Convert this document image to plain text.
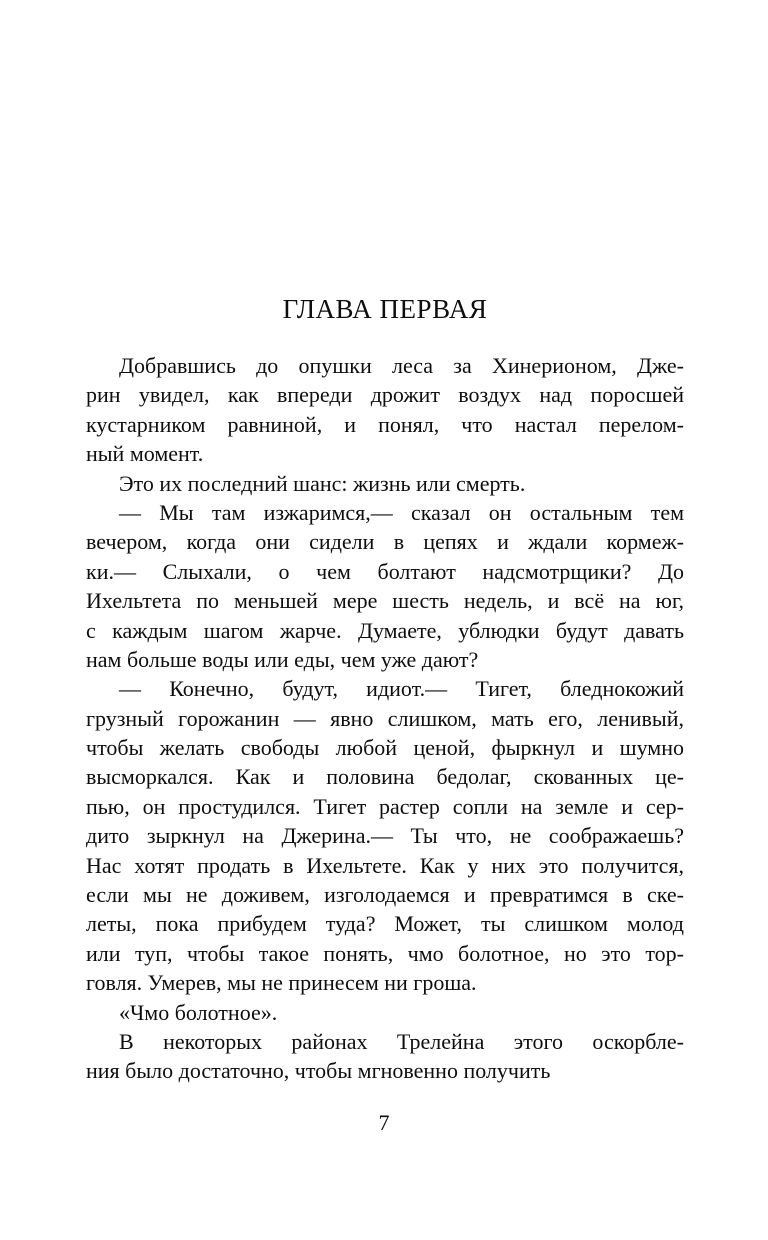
ГЛАВА ПЕРВАЯ
Добравшись до опушки леса за Хинерионом, Дже-
рин увидел, как впереди дрожит воздух над поросшей
кустарником равниной, и понял, что настал перелом-
ный момент.
Это их последний шанс: жизнь или смерть.
— Мы там изжаримся,— сказал он остальным тем
вечером, когда они сидели в цепях и ждали кормеж-
ки.— Слыхали, о чем болтают надсмотрщики? До
Ихельтета по меньшей мере шесть недель, и всё на юг,
с каждым шагом жарче. Думаете, ублюдки будут давать
нам больше воды или еды, чем уже дают?
— Конечно, будут, идиот.— Тигет, бледнокожий
грузный горожанин — явно слишком, мать его, ленивый,
чтобы желать свободы любой ценой, фыркнул и шумно
высморкался. Как и половина бедолаг, скованных це-
пью, он простудился. Тигет растер сопли на земле и сер-
дито зыркнул на Джерина.— Ты что, не соображаешь?
Нас хотят продать в Ихельтете. Как у них это получится,
если мы не доживем, изголодаемся и превратимся в ске-
леты, пока прибудем туда? Может, ты слишком молод
или туп, чтобы такое понять, чмо болотное, но это тор-
говля. Умерев, мы не принесем ни гроша.
«Чмо болотное».
В некоторых районах Трелейна этого оскорбле-
ния было достаточно, чтобы мгновенно получить
7
